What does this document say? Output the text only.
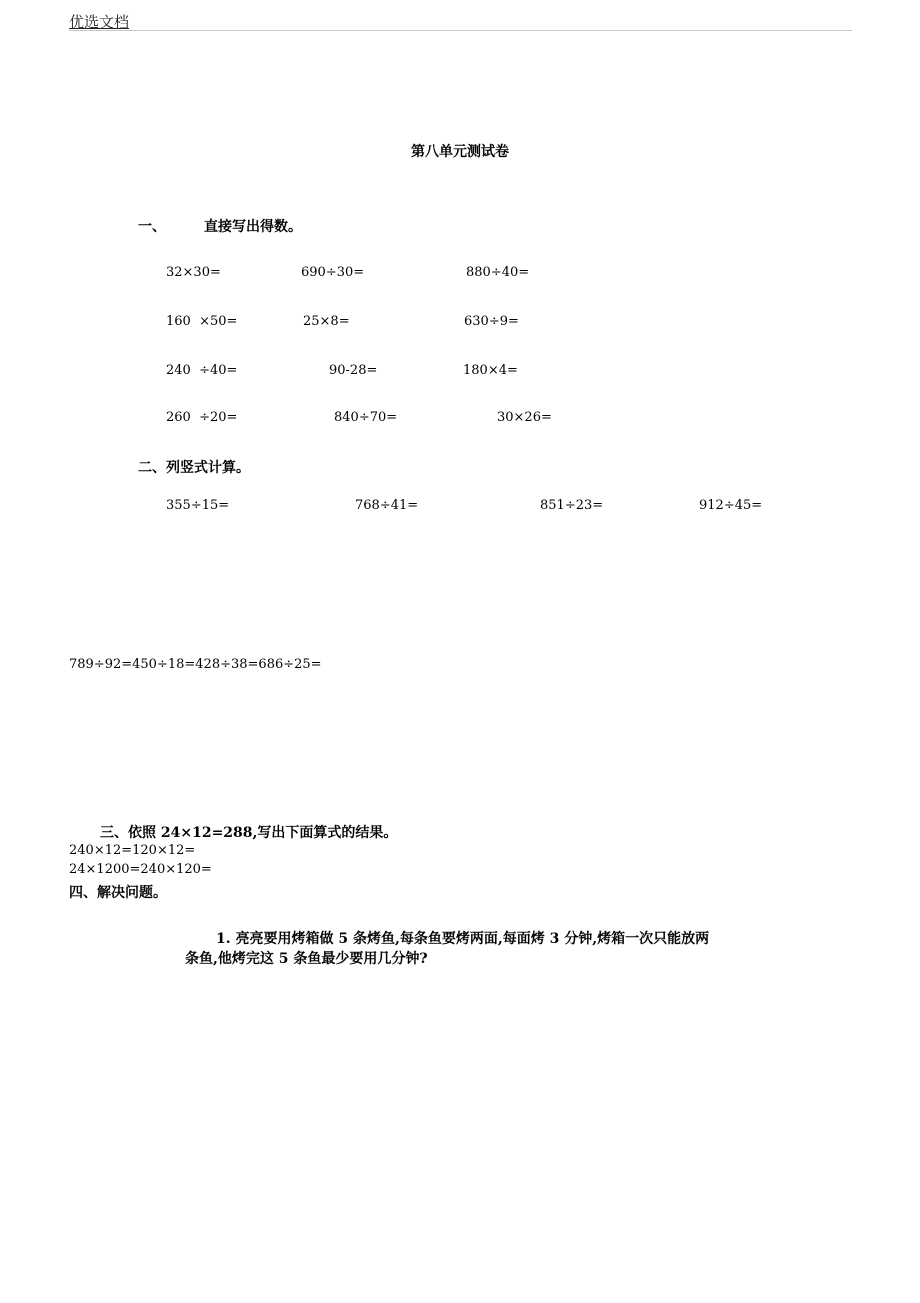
优选文档
第八单元测试卷
一、	直接写出得数。
32×30=	690÷30=	880÷40=
160  ×50=	25×8=	630÷9=
240  ÷40=	90-28=	180×4=
260  ÷20=	840÷70=	30×26=
二、列竖式计算。
355÷15=	768÷41=	851÷23=	912÷45=
789÷92=450÷18=428÷38=686÷25=
三、依照 24×12=288,写出下面算式的结果。
240×12=120×12=
24×1200=240×120=
四、解决问题。
1. 亮亮要用烤箱做 5 条烤鱼,每条鱼要烤两面,每面烤 3 分钟,烤箱一次只能放两
条鱼,他烤完这 5 条鱼最少要用几分钟?
